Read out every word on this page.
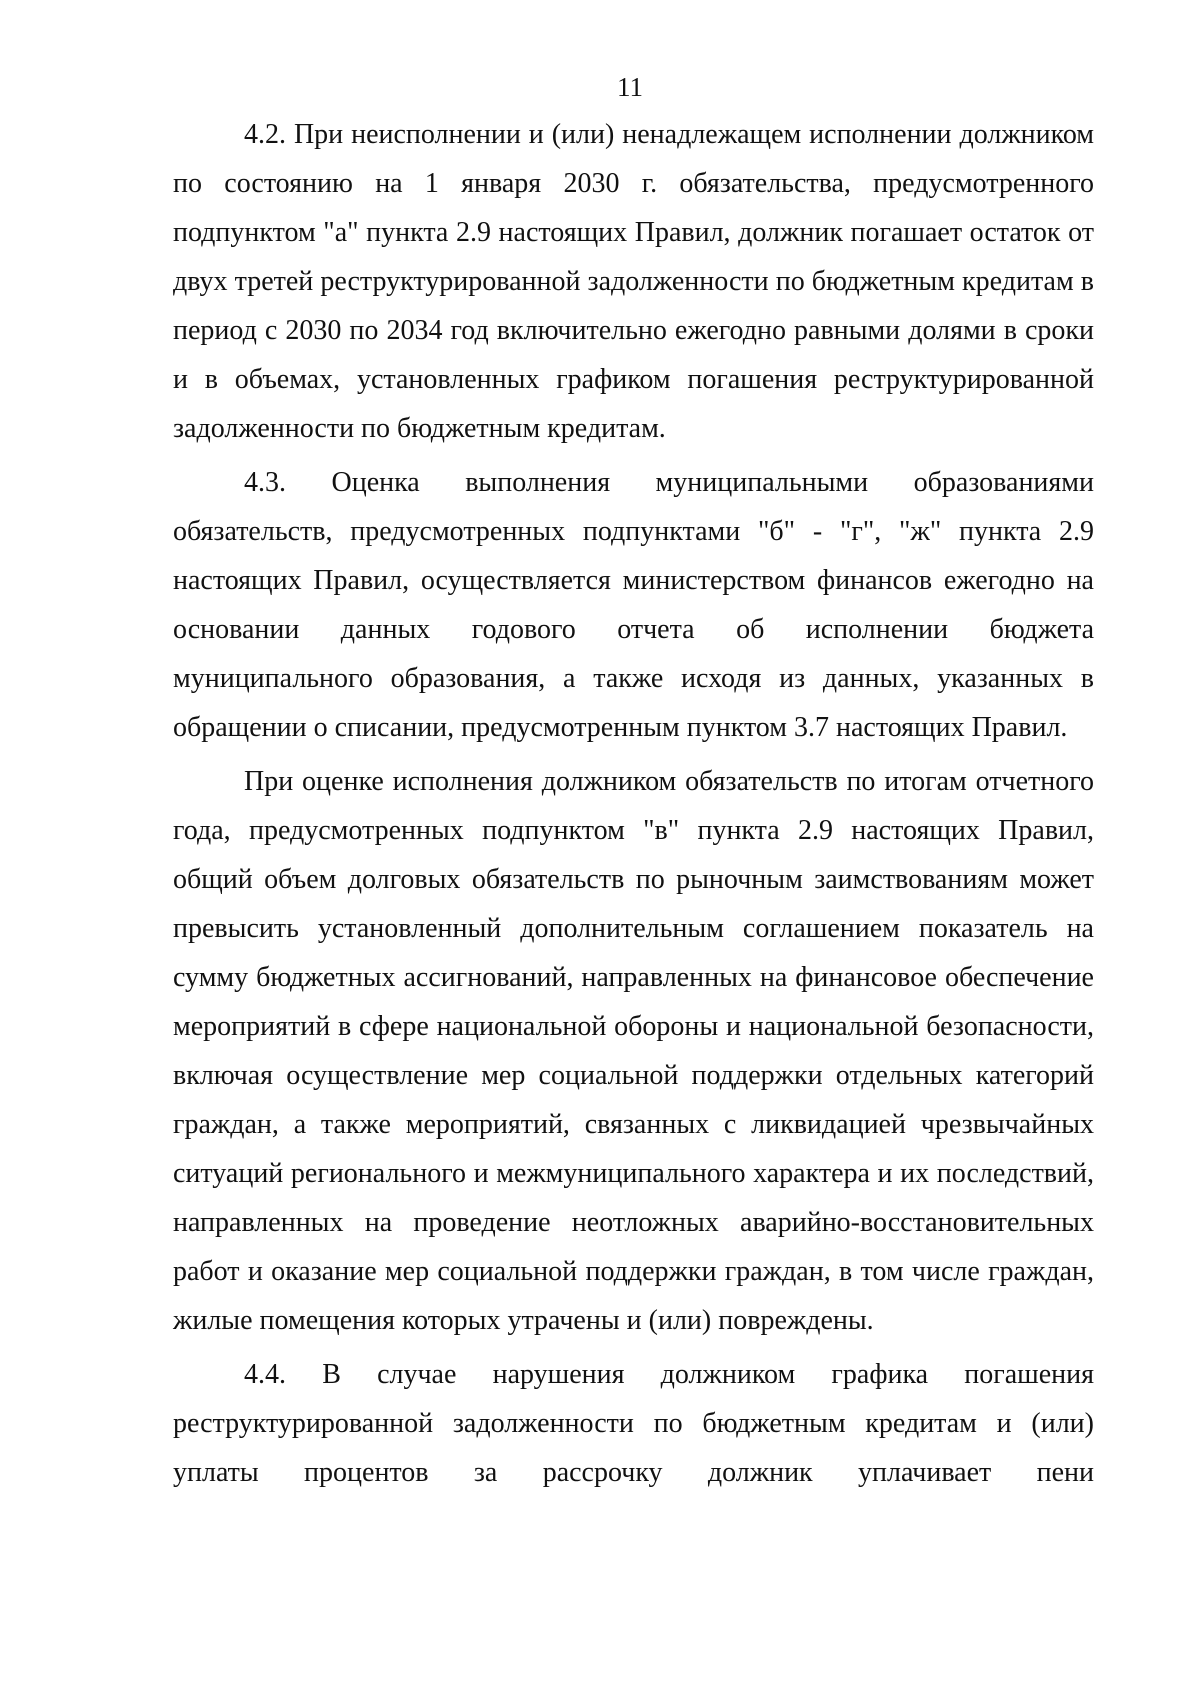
11

4.2. При неисполнении и (или) ненадлежащем исполнении должником по состоянию на 1 января 2030 г. обязательства, предусмотренного подпунктом "а" пункта 2.9 настоящих Правил, должник погашает остаток от двух третей реструктурированной задолженности по бюджетным кредитам в период с 2030 по 2034 год включительно ежегодно равными долями в сроки и в объемах, установленных графиком погашения реструктурированной задолженности по бюджетным кредитам.

4.3. Оценка выполнения муниципальными образованиями обязательств, предусмотренных подпунктами "б" - "г", "ж" пункта 2.9 настоящих Правил, осуществляется министерством финансов ежегодно на основании данных годового отчета об исполнении бюджета муниципального образования, а также исходя из данных, указанных в обращении о списании, предусмотренным пунктом 3.7 настоящих Правил.

При оценке исполнения должником обязательств по итогам отчетного года, предусмотренных подпунктом "в" пункта 2.9 настоящих Правил, общий объем долговых обязательств по рыночным заимствованиям может превысить установленный дополнительным соглашением показатель на сумму бюджетных ассигнований, направленных на финансовое обеспечение мероприятий в сфере национальной обороны и национальной безопасности, включая осуществление мер социальной поддержки отдельных категорий граждан, а также мероприятий, связанных с ликвидацией чрезвычайных ситуаций регионального и межмуниципального характера и их последствий, направленных на проведение неотложных аварийно-восстановительных работ и оказание мер социальной поддержки граждан, в том числе граждан, жилые помещения которых утрачены и (или) повреждены.

4.4. В случае нарушения должником графика погашения реструктурированной задолженности по бюджетным кредитам и (или) уплаты процентов за рассрочку должник уплачивает пени
